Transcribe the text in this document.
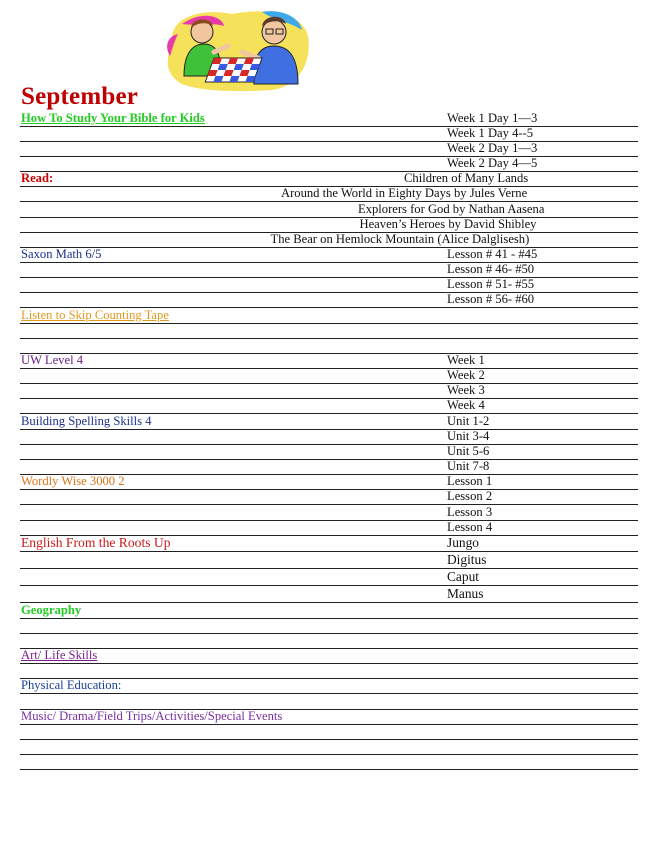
September
How To Study Your Bible for Kids	Week 1 Day 1—3
Week 1 Day 4--5
Week 2 Day 1—3
Week 2 Day 4—5
Read:	Children of Many Lands
Around the World in Eighty Days by Jules Verne
Explorers for God by Nathan Aasena
Heaven’s Heroes by David Shibley
The Bear on Hemlock Mountain (Alice Dalglisesh)
Saxon Math 6/5	Lesson # 41 - #45
Lesson # 46- #50
Lesson # 51- #55
Lesson # 56- #60
Listen to Skip Counting Tape
UW Level 4	Week 1
Week 2
Week 3
Week 4
Building Spelling Skills 4	Unit 1-2
Unit 3-4
Unit 5-6
Unit 7-8
Wordly Wise 3000 2	Lesson 1
Lesson 2
Lesson 3
Lesson 4
English From the Roots Up	Jungo
Digitus
Caput
Manus
Geography
Art/ Life Skills
Physical Education:
Music/ Drama/Field Trips/Activities/Special Events
